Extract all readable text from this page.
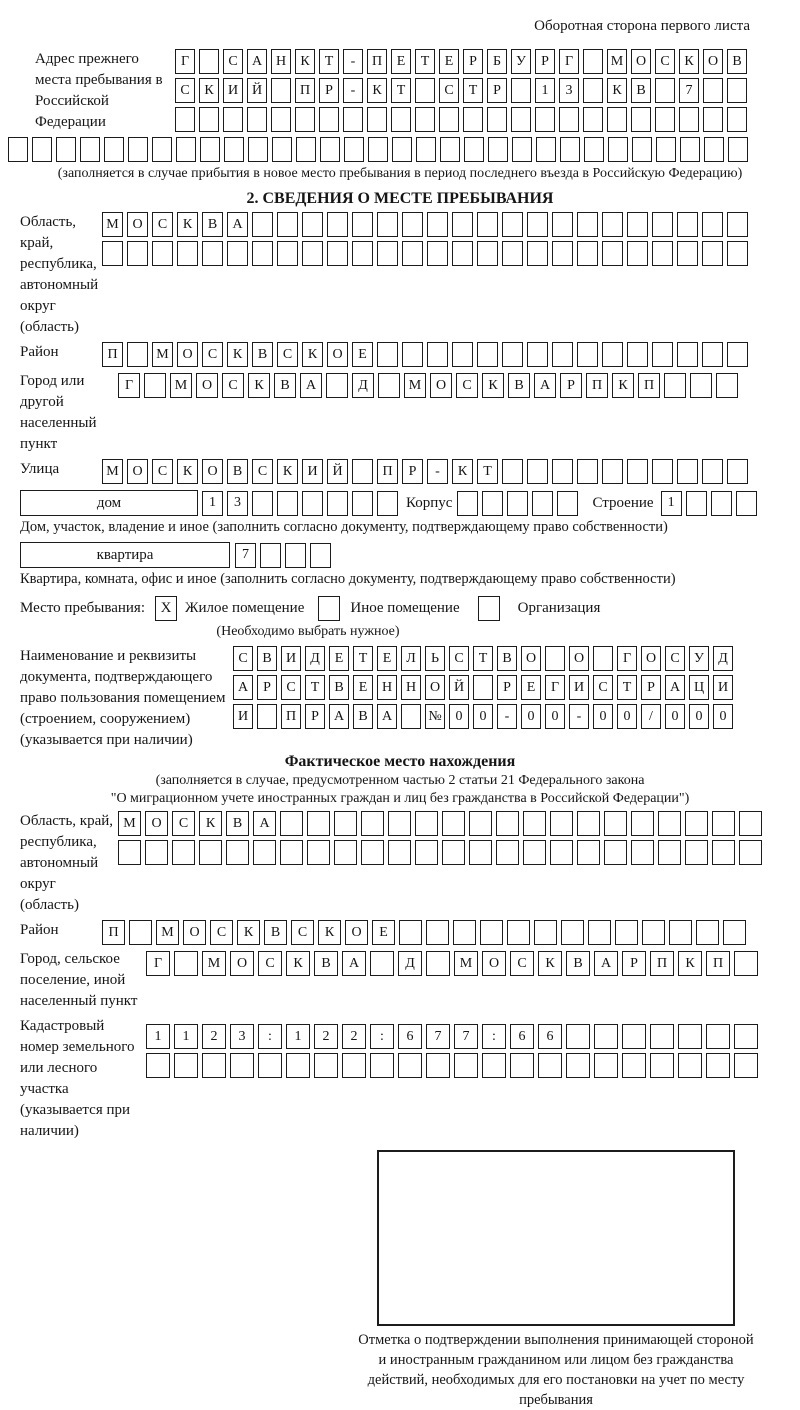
Оборотная сторона первого листа
Адрес прежнего места пребывания в Российской Федерации
Г	С	А Н	К	Т	-	П	Е	Т	Е	Р	Б	У	Р	Г	М О	С	К	О	В
С	К	И Й	П	Р	-	К	Т	С	Т	Р	1	3	К	В	7
(заполняется в случае прибытия в новое место пребывания в период последнего въезда в Российскую Федерацию)
2. СВЕДЕНИЯ О МЕСТЕ ПРЕБЫВАНИЯ
Область, край, республика, автономный округ (область)
М О	С	К	В	А
Район	П	М О	С	К	В	С	К	О	Е
Город или другой населенный пункт
Г	М	О	С	К	В	А	Д	М	О	С	К	В	А	Р	П	К	П
Улица	М О	С	К	О	В	С	К	И	Й	П	Р	-	К	Т
дом	1	3	Корпус	Строение	1
Дом, участок, владение и иное (заполнить согласно документу, подтверждающему право собственности)
квартира	7
Квартира, комната, офис и иное (заполнить согласно документу, подтверждающему право собственности)
Место пребывания:	X Жилое помещение	Иное помещение	Организация
(Необходимо выбрать нужное)
Наименование и реквизиты документа, подтверждающего право пользования помещением (строением, сооружением) (указывается при наличии)
С	В	И	Д	Е	Т	Е	Л	Ь	С	Т	В	О	О	Г	О	С	У	Д
А	Р	С	Т	В	Е	Н Н О Й	Р	Е	Г	И	С	Т	Р	А Ц И
И	П	Р	А	В	А	№ 0	0	-	0	0	-	0	0	/	0	0	0
Фактическое место нахождения
(заполняется в случае, предусмотренном частью 2 статьи 21 Федерального закона
"О миграционном учете иностранных граждан и лиц без гражданства в Российской Федерации")
Область, край, республика, автономный округ (область)
М	О	С	К	В	А
Район	П	М	О	С	К	В	С	К	О	Е
Город, сельское поселение, иной населенный пункт
Г	М	О	С	К	В	А	Д	М	О	С	К	В	А	Р	П	К	П
Кадастровый номер земельного или лесного участка (указывается при наличии)
1	1	2	3	:	1	2	2	:	6	7	7	:	6	6
Отметка о подтверждении выполнения принимающей стороной и иностранным гражданином или лицом без гражданства действий, необходимых для его постановки на учет по месту пребывания
